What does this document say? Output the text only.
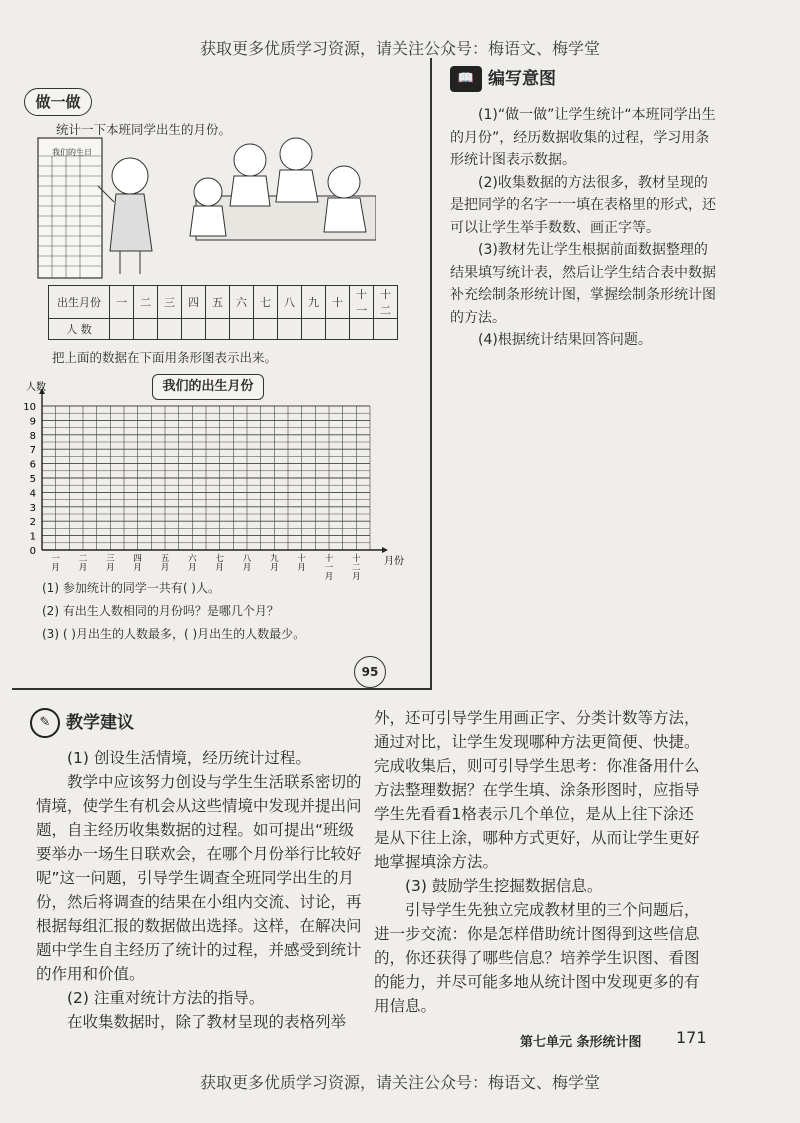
获取更多优质学习资源，请关注公众号：梅语文、梅学堂
做一做
统计一下本班同学出生的月份。
我们的生日
出生月份	一	二	三	四	五	六	七	八	九	十	十一	十二
人 数												
把上面的数据在下面用条形图表示出来。
我们的出生月份
0
1
2
3
4
5
6
7
8
9
10
人数
月份
一月
二月
三月
四月
五月
六月
七月
八月
九月
十月
十一月
十二月
(1) 参加统计的同学一共有( )人。
(2) 有出生人数相同的月份吗？是哪几个月？
(3) ( )月出生的人数最多，( )月出生的人数最少。
95
📖 编写意图

(1)“做一做”让学生统计“本班同学出生的月份”，经历数据收集的过程，学习用条形统计图表示数据。

(2)收集数据的方法很多，教材呈现的是把同学的名字一一填在表格里的形式，还可以让学生举手数数、画正字等。

(3)教材先让学生根据前面数据整理的结果填写统计表，然后让学生结合表中数据补充绘制条形统计图，掌握绘制条形统计图的方法。

(4)根据统计结果回答问题。

✎ 教学建议

(1) 创设生活情境，经历统计过程。

教学中应该努力创设与学生生活联系密切的情境，使学生有机会从这些情境中发现并提出问题，自主经历收集数据的过程。如可提出“班级要举办一场生日联欢会，在哪个月份举行比较好呢”这一问题，引导学生调查全班同学出生的月份，然后将调查的结果在小组内交流、讨论，再根据每组汇报的数据做出选择。这样，在解决问题中学生自主经历了统计的过程，并感受到统计的作用和价值。

(2) 注重对统计方法的指导。

在收集数据时，除了教材呈现的表格列举

外，还可引导学生用画正字、分类计数等方法，通过对比，让学生发现哪种方法更简便、快捷。完成收集后，则可引导学生思考：你准备用什么方法整理数据？在学生填、涂条形图时，应指导学生先看看1格表示几个单位，是从上往下涂还是从下往上涂，哪种方式更好，从而让学生更好地掌握填涂方法。

(3) 鼓励学生挖掘数据信息。

引导学生先独立完成教材里的三个问题后，进一步交流：你是怎样借助统计图得到这些信息的，你还获得了哪些信息？培养学生识图、看图的能力，并尽可能多地从统计图中发现更多的有用信息。

第七单元 条形统计图 171
获取更多优质学习资源，请关注公众号：梅语文、梅学堂
